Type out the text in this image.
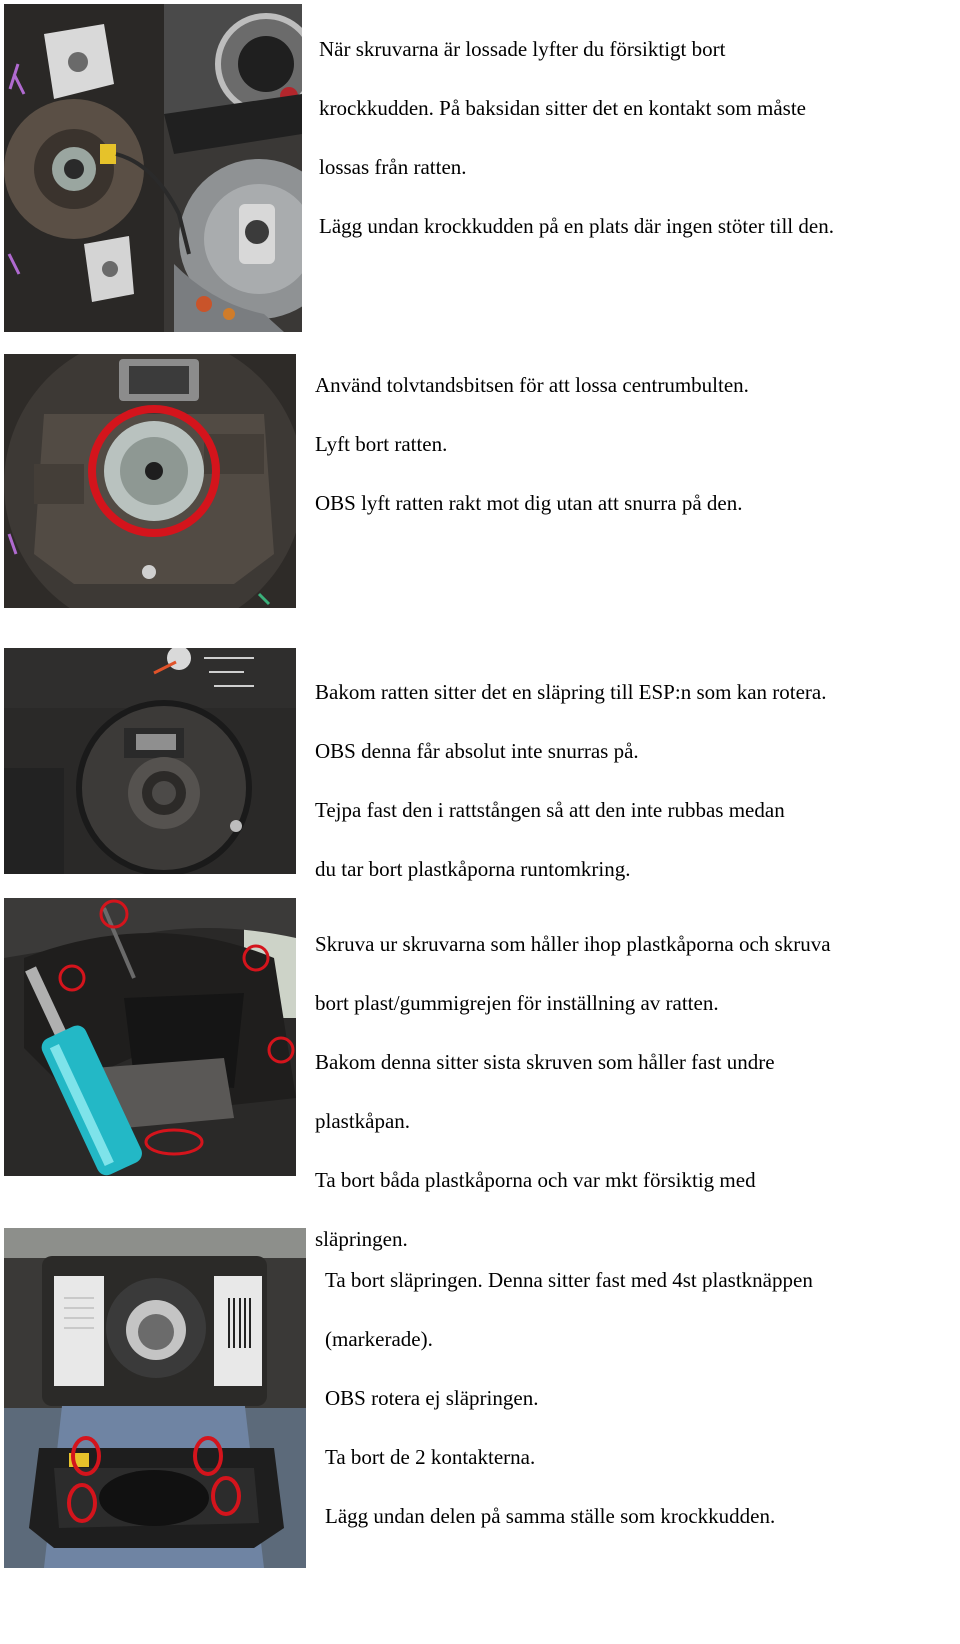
När skruvarna är lossade lyfter du försiktigt bort

krockkudden. På baksidan sitter det en kontakt som måste

lossas från ratten.

Lägg undan krockkudden på en plats där ingen stöter till den.

Använd tolvtandsbitsen för att lossa centrumbulten.

Lyft bort ratten.

OBS lyft ratten rakt mot dig utan att snurra på den.

Bakom ratten sitter det en släpring till ESP:n som kan rotera.

OBS denna får absolut inte snurras på.

Tejpa fast den i rattstången så att den inte rubbas medan

du tar bort plastkåporna runtomkring.

Skruva ur skruvarna som håller ihop plastkåporna och skruva

bort plast/gummigrejen för inställning av ratten.

Bakom denna sitter sista skruven som håller fast undre

plastkåpan.

Ta bort båda plastkåporna och var mkt försiktig med

släpringen.

Ta bort släpringen. Denna sitter fast med 4st plastknäppen

(markerade).

OBS rotera ej släpringen.

Ta bort de 2 kontakterna.

Lägg undan delen på samma ställe som krockkudden.
